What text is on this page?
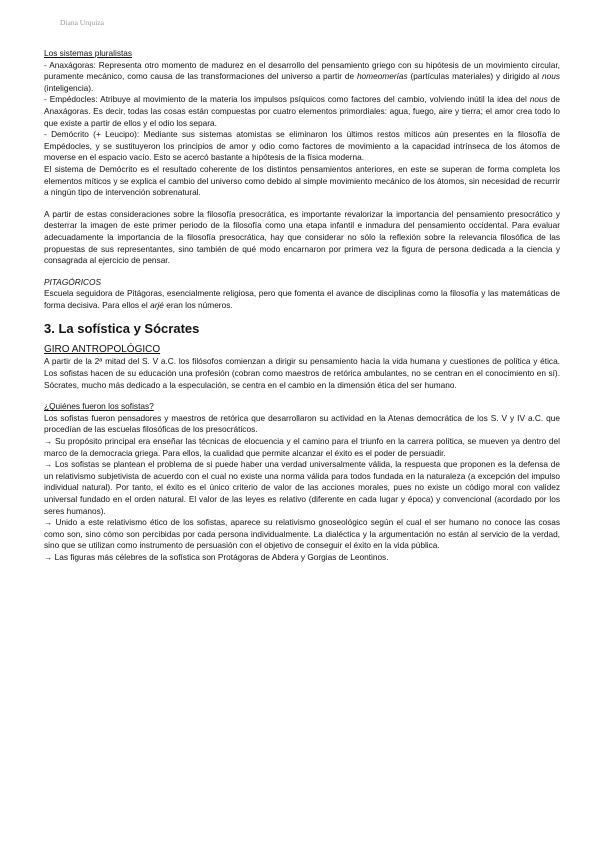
Diana Urquiza

Los sistemas pluralistas

- Anaxágoras: Representa otro momento de madurez en el desarrollo del pensamiento griego con su hipótesis de un movimiento circular, puramente mecánico, como causa de las transformaciones del universo a partir de homeomerías (partículas materiales) y dirigido al nous (inteligencia).

- Empédocles: Atribuye al movimiento de la materia los impulsos psíquicos como factores del cambio, volviendo inútil la idea del nous de Anaxágoras. Es decir, todas las cosas están compuestas por cuatro elementos primordiales: agua, fuego, aire y tierra; el amor crea todo lo que existe a partir de ellos y el odio los separa.

- Demócrito (+ Leucipo): Mediante sus sistemas atomistas se eliminaron los últimos restos míticos aún presentes en la filosofía de Empédocles, y se sustituyeron los principios de amor y odio como factores de movimiento a la capacidad intrínseca de los átomos de moverse en el espacio vacío. Esto se acercó bastante a hipótesis de la física moderna.

El sistema de Demócrito es el resultado coherente de los distintos pensamientos anteriores, en este se superan de forma completa los elementos míticos y se explica el cambio del universo como debido al simple movimiento mecánico de los átomos, sin necesidad de recurrir a ningún tipo de intervención sobrenatural.

A partir de estas consideraciones sobre la filosofía presocrática, es importante revalorizar la importancia del pensamiento presocrático y desterrar la imagen de este primer periodo de la filosofía como una etapa infantil e inmadura del pensamiento occidental. Para evaluar adecuadamente la importancia de la filosofía presocrática, hay que considerar no sólo la reflexión sobre la relevancia filosófica de las propuestas de sus representantes, sino también de qué modo encarnaron por primera vez la figura de persona dedicada a la ciencia y consagrada al ejercicio de pensar.

PITAGÓRICOS

Escuela seguidora de Pitágoras, esencialmente religiosa, pero que fomenta el avance de disciplinas como la filosofía y las matemáticas de forma decisiva. Para ellos el arjé eran los números.

3. La sofística y Sócrates

GIRO ANTROPOLÓGICO

A partir de la 2ª mitad del S. V a.C. los filósofos comienzan a dirigir su pensamiento hacia la vida humana y cuestiones de política y ética. Los sofistas hacen de su educación una profesión (cobran como maestros de retórica ambulantes, no se centran en el conocimiento en sí). Sócrates, mucho más dedicado a la especulación, se centra en el cambio en la dimensión ética del ser humano.

¿Quiénes fueron los sofistas?

Los sofistas fueron pensadores y maestros de retórica que desarrollaron su actividad en la Atenas democrática de los S. V y IV a.C. que procedían de las escuelas filosóficas de los presocráticos.

→ Su propósito principal era enseñar las técnicas de elocuencia y el camino para el triunfo en la carrera política, se mueven ya dentro del marco de la democracia griega. Para ellos, la cualidad que permite alcanzar el éxito es el poder de persuadir.

→ Los sofistas se plantean el problema de si puede haber una verdad universalmente válida, la respuesta que proponen es la defensa de un relativismo subjetivista de acuerdo con el cual no existe una norma válida para todos fundada en la naturaleza (a excepción del impulso individual natural). Por tanto, el éxito es el único criterio de valor de las acciones morales, pues no existe un código moral con validez universal fundado en el orden natural. El valor de las leyes es relativo (diferente en cada lugar y época) y convencional (acordado por los seres humanos).

→ Unido a este relativismo ético de los sofistas, aparece su relativismo gnoseológico según el cual el ser humano no conoce las cosas como son, sino cómo son percibidas por cada persona individualmente. La dialéctica y la argumentación no están al servicio de la verdad, sino que se utilizan como instrumento de persuasión con el objetivo de conseguir el éxito en la vida pública.

→ Las figuras más célebres de la sofística son Protágoras de Abdera y Gorgias de Leontinos.
